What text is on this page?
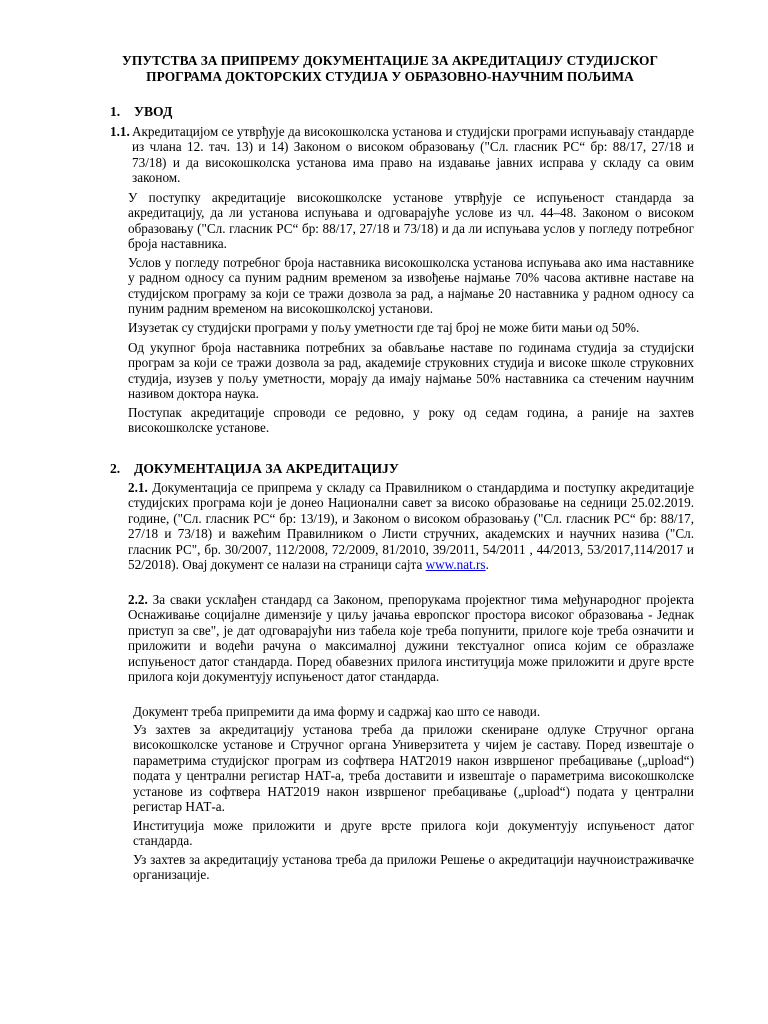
УПУТСТВА ЗА ПРИПРЕМУ ДОКУМЕНТАЦИЈЕ ЗА АКРЕДИТАЦИЈУ СТУДИЈСКОГ ПРОГРАМА ДОКТОРСКИХ СТУДИЈА У ОБРАЗОВНО-НАУЧНИМ ПОЉИМА
1. УВОД
1.1. Акредитацијом се утврђује да високошколска установа и студијски програми испуњавају стандарде из члана 12. тач. 13) и 14) Законом о високом образовању ("Сл. гласник РС“ бр: 88/17, 27/18 и 73/18) и да високошколска установа има право на издавање јавних исправа у складу са овим законом.
У поступку акредитације високошколске установе утврђује се испуњеност стандарда за акредитацију, да ли установа испуњава и одговарајуће услове из чл. 44–48. Законом о високом образовању ("Сл. гласник РС“ бр: 88/17, 27/18 и 73/18) и да ли испуњава услов у погледу потребног броја наставника.
Услов у погледу потребног броја наставника високошколска установа испуњава ако има наставнике у радном односу са пуним радним временом за извођење најмање 70% часова активне наставе на студијском програму за који се тражи дозвола за рад, а најмање 20 наставника у радном односу са пуним радним временом на високошколској установи.
Изузетак су студијски програми у пољу уметности где тај број не може бити мањи од 50%.
Од укупног броја наставника потребних за обављање наставе по годинама студија за студијски програм за који се тражи дозвола за рад, академије струковних студија и високе школе струковних студија, изузев у пољу уметности, морају да имају најмање 50% наставника са стеченим научним називом доктора наука.
Поступак акредитације спроводи се редовно, у року од седам година, а раније на захтев високошколске установе.
2. ДОКУМЕНТАЦИЈА ЗА АКРЕДИТАЦИЈУ
2.1. Документација се припрема у складу са Правилником о стандардима и поступку акредитације студијских програма који је донео Национални савет за високо образовање на седници 25.02.2019. године, ("Сл. гласник РС“ бр: 13/19), и Законом о високом образовању ("Сл. гласник РС“ бр: 88/17, 27/18 и 73/18) и важећим Правилником о Листи стручних, академских и научних назива ("Сл. гласник РС", бр. 30/2007, 112/2008, 72/2009, 81/2010, 39/2011, 54/2011 , 44/2013, 53/2017,114/2017 и 52/2018). Овај документ се налази на страници сајта www.nat.rs.
2.2. За сваки усклађен стандард са Законом, препорукама пројектног тима међународног пројекта Оснаживање социјалне димензије у циљу јачања европског простора високог образовања - Једнак приступ за све", је дат одговарајући низ табела које треба попунити, прилоге које треба означити и приложити и водећи рачуна о максималној дужини текстуалног описа којим се образлаже испуњеност датог стандарда. Поред обавезних прилога институција може приложити и друге врсте прилога који документују испуњеност датог стандарда.
Документ треба припремити да има форму и садржај као што се наводи.
Уз захтев за акредитацију установа треба да приложи скениране одлуке Стручног органа високошколске установе и Стручног органа Универзитета у чијем је саставу. Поред извештаје о параметрима студијског програм из софтвера НАТ2019 након извршеног пребацивање („upload“) подата у централни регистар НАТ-а, треба доставити и извештаје о параметрима високошколске установе из софтвера НАТ2019 након извршеног пребацивање („upload“) подата у централни регистар НАТ-а.
Институција може приложити и друге врсте прилога који документују испуњеност датог стандарда.
Уз захтев за акредитацију установа треба да приложи Решење о акредитацији научноистраживачке организације.
